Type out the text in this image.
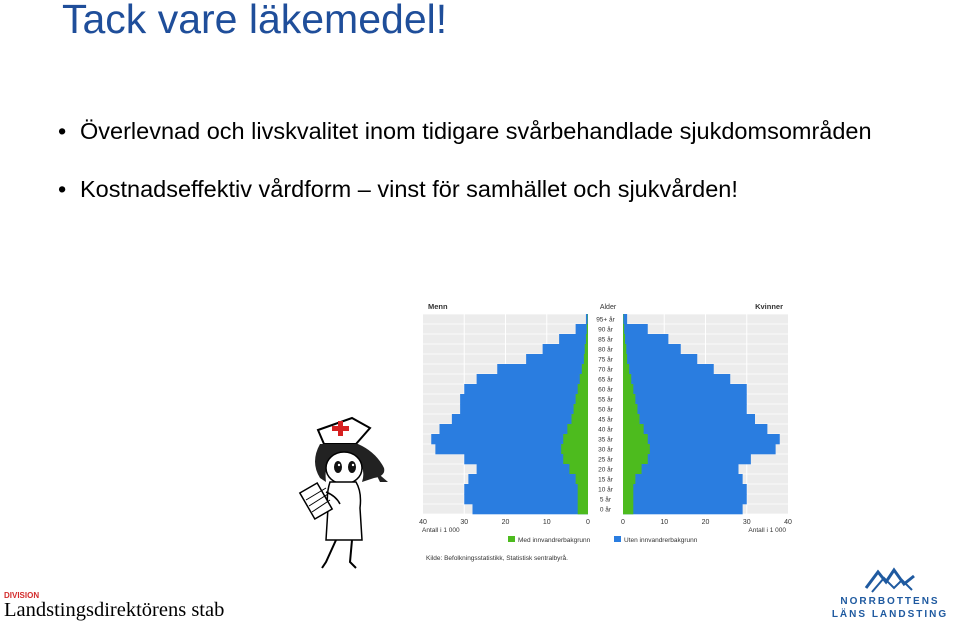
Tack vare läkemedel!
• Överlevnad och livskvalitet inom tidigare svårbehandlade sjukdomsområden
• Kostnadseffektiv vårdform – vinst för samhället och sjukvården!
Menn	Kvinner
Alder
95+ år
90 år
85 år
80 år
75 år
70 år
65 år
60 år
55 år
50 år
45 år
40 år
35 år
30 år
25 år
20 år
15 år
10 år
5 år
0 år
40	30	20	10	0	0	10	20	30	40
Antall i 1 000	Antall i 1 000
Med innvandrerbakgrunn	Uten innvandrerbakgrunn
Kilde: Befolkningsstatistikk, Statistisk sentralbyrå.
DIVISION
Landstingsdirektörens stab	NORRBOTTENS
LÄNS LANDSTING
